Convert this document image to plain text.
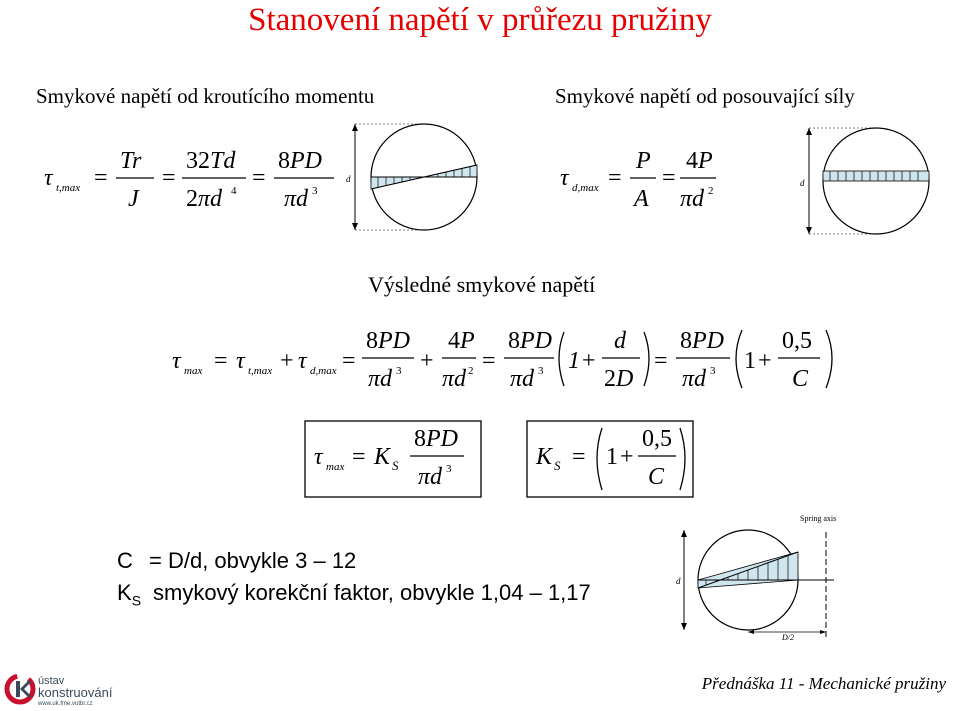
Stanovení napětí v průřezu pružiny
Smykové napětí od kroutícího momentu	Smykové napětí od posouvající síly
Výsledné smykové napětí
τ t,max =
Tr
J
=
32Td
2πd 4 =
8PD
πd 3	τ d,max =
P
A
=
4P
πd 2
τ max = τ t,max + τ d,max =
8PD
πd 3 +
4P
πd 2 =
8PD
πd 3 1 +
d
2D
=
8PD
πd 3 1 +
0,5
C
τ max = K S
8PD
πd 3	K S = 1 +
0,5
C
d	d
d
Spring axis
D/2
C = D/d, obvykle 3 – 12
$K_S$ smykový korekční faktor, obvykle 1,04 – 1,17
ústav
konstruování
www.uk.fme.vutbr.cz
Přednáška 11 - Mechanické pružiny
